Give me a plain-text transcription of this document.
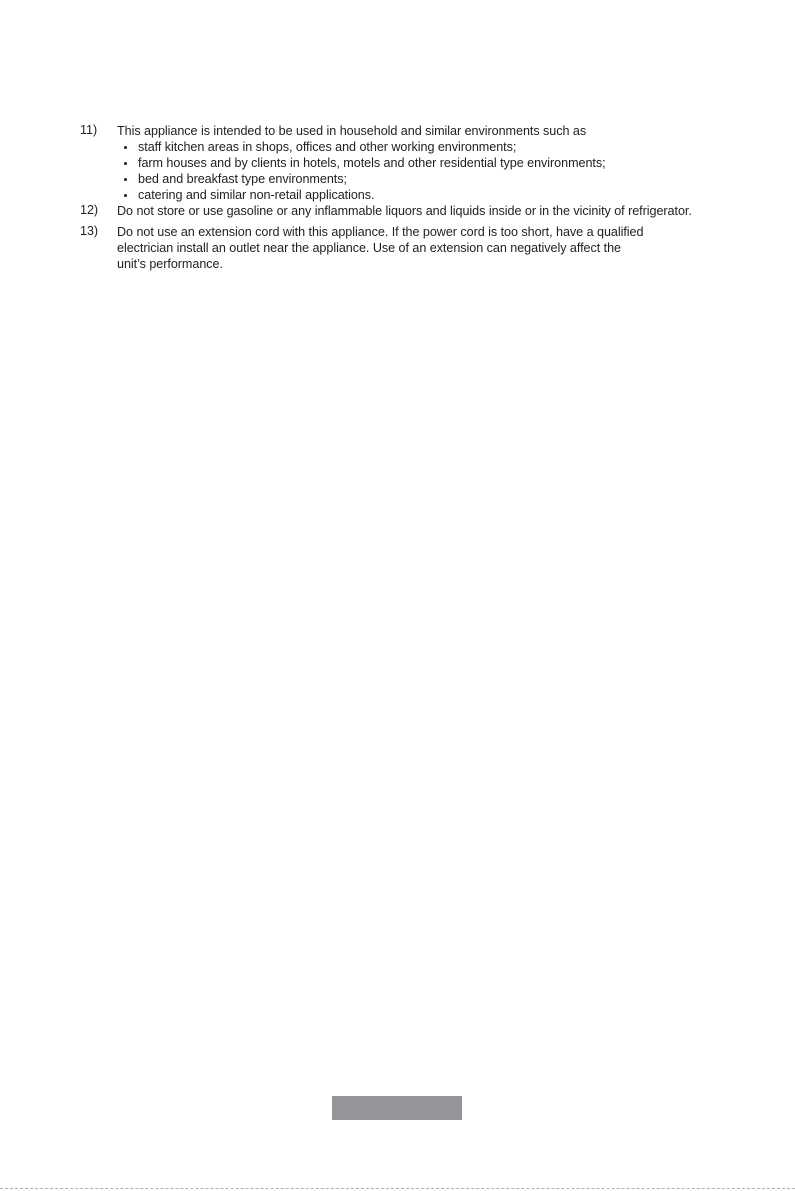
11) This appliance is intended to be used in household and similar environments such as
staff kitchen areas in shops, offices and other working environments;
farm houses and by clients in hotels, motels and other residential type environments;
bed and breakfast type environments;
catering and similar non-retail applications.
12) Do not store or use gasoline or any inflammable liquors and liquids inside or in the vicinity of refrigerator.
13) Do not use an extension cord with this appliance. If the power cord is too short, have a qualified
electrician install an outlet near the appliance. Use of an extension can negatively affect the
unit’s performance.
